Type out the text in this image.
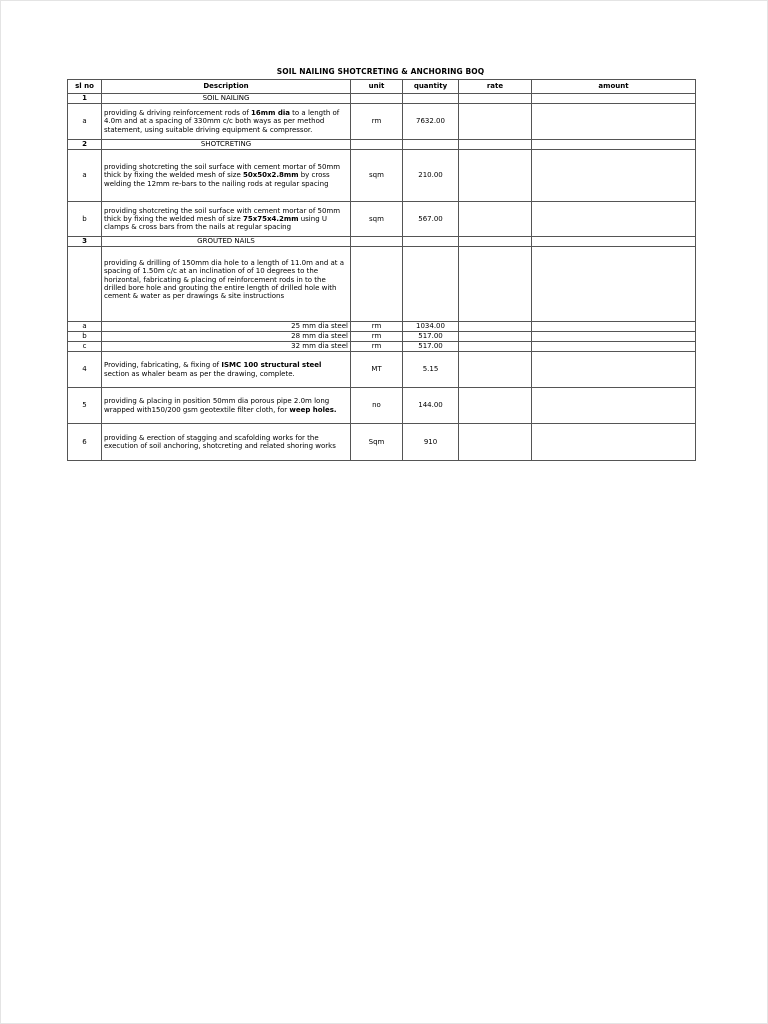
SOIL NAILING SHOTCRETING & ANCHORING BOQ
sl no	Description	unit	quantity	rate	amount
1	SOIL NAILING				
a	providing & driving reinforcement rods of 16mm dia to a length of 4.0m and at a spacing of 330mm c/c both ways as per method statement, using suitable driving equipment & compressor.	rm	7632.00		
2	SHOTCRETING				
a	providing shotcreting the soil surface with cement mortar of 50mm thick by fixing the welded mesh of size 50x50x2.8mm by cross welding the 12mm re-bars to the nailing rods at regular spacing	sqm	210.00		
b	providing shotcreting the soil surface with cement mortar of 50mm thick by fixing the welded mesh of size 75x75x4.2mm using U clamps & cross bars from the nails at regular spacing	sqm	567.00		
3	GROUTED NAILS				
	providing & drilling of 150mm dia hole to a length of 11.0m and at a spacing of 1.50m c/c at an inclination of of 10 degrees to the horizontal, fabricating & placing of reinforcement rods in to the drilled bore hole and grouting the entire length of drilled hole with cement & water as per drawings & site instructions				
a	25 mm dia steel	rm	1034.00		
b	28 mm dia steel	rm	517.00		
c	32 mm dia steel	rm	517.00		
4	Providing, fabricating, & fixing of ISMC 100 structural steel section as whaler beam as per the drawing, complete.	MT	5.15		
5	providing & placing in position 50mm dia porous pipe 2.0m long wrapped with150/200 gsm geotextile filter cloth, for weep holes.	no	144.00		
6	providing & erection of stagging and scafolding works for the execution of soil anchoring, shotcreting and related shoring works	Sqm	910		
